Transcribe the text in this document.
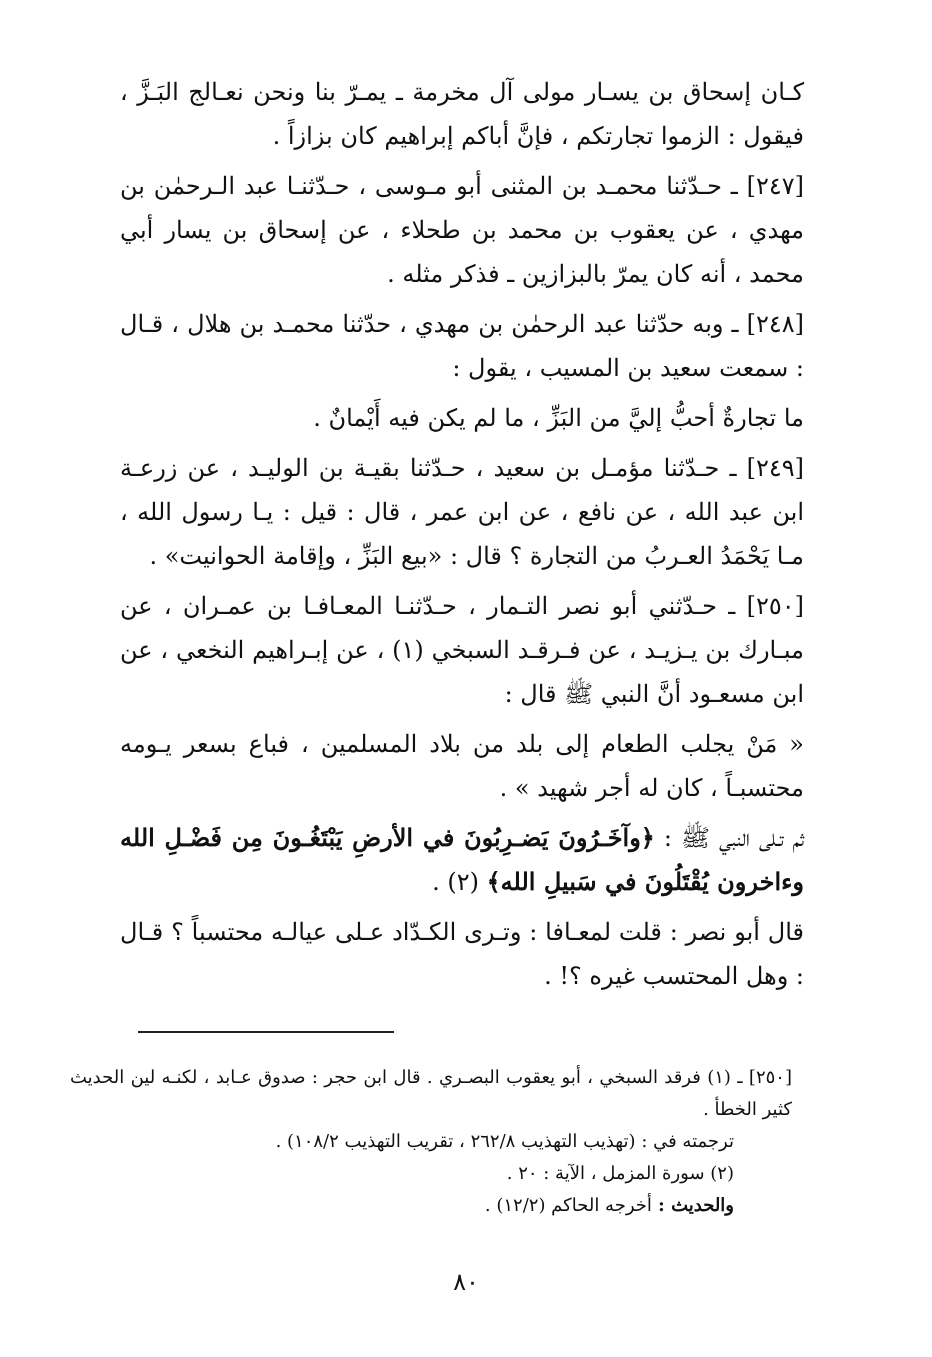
كـان إسحاق بن يسـار مولى آل مخرمة ـ يمـرّ بنا ونحن نعـالج البَـزَّ ، فيقول : الزموا تجارتكم ، فإنَّ أباكم إبراهيم كان بزازاً .

[٢٤٧] ـ حـدّثنا محمـد بن المثنى أبو مـوسى ، حـدّثنـا عبد الـرحمٰن بن مهدي ، عن يعقوب بن محمد بن طحلاء ، عن إسحاق بن يسار أبي محمد ، أنه كان يمرّ بالبزازين ـ فذكر مثله .

[٢٤٨] ـ وبه حدّثنا عبد الرحمٰن بن مهدي ، حدّثنا محمـد بن هلال ، قـال : سمعت سعيد بن المسيب ، يقول :

ما تجارةٌ أحبُّ إليَّ من البَزِّ ، ما لم يكن فيه أَيْمانٌ .

[٢٤٩] ـ حـدّثنا مؤمـل بن سعيد ، حـدّثنا بقيـة بن الوليـد ، عن زرعـة ابن عبد الله ، عن نافع ، عن ابن عمر ، قال : قيل : يـا رسول الله ، مـا يَحْمَدُ العـربُ من التجارة ؟ قال : «بيع البَزِّ ، وإقامة الحوانيت» .

[٢٥٠] ـ حـدّثني أبو نصر التـمار ، حـدّثنـا المعـافـا بن عمـران ، عن مبـارك بن يـزيـد ، عن فـرقـد السبخي (١) ، عن إبـراهيم النخعي ، عن ابن مسعـود أنَّ النبي ﷺ قال :

« مَنْ يجلب الطعام إلى بلد من بلاد المسلمين ، فباع بسعر يـومه محتسبـاً ، كان له أجر شهيد » .

ثم تـلى النبي ﷺ : ﴿وآخَـرُونَ يَضـرِبُونَ في الأرضِ يَبْتَغُـونَ مِن فَضْـلِ الله وءاخرون يُقْتَلُونَ في سَبيلِ الله﴾ (٢) .

قال أبو نصر : قلت لمعـافا : وتـرى الكـدّاد عـلى عيالـه محتسباً ؟ قـال : وهل المحتسب غيره ؟! .

[٢٥٠] ـ (١) فرقد السبخي ، أبو يعقوب البصـري . قال ابن حجر : صدوق عـابد ، لكنـه لين الحديث كثير الخطأ .

ترجمته في : (تهذيب التهذيب ٢٦٢/٨ ، تقريب التهذيب ١٠٨/٢) .

(٢) سورة المزمل ، الآية : ٢٠ .

والحديث : أخرجه الحاكم (١٢/٢) .

٨٠
